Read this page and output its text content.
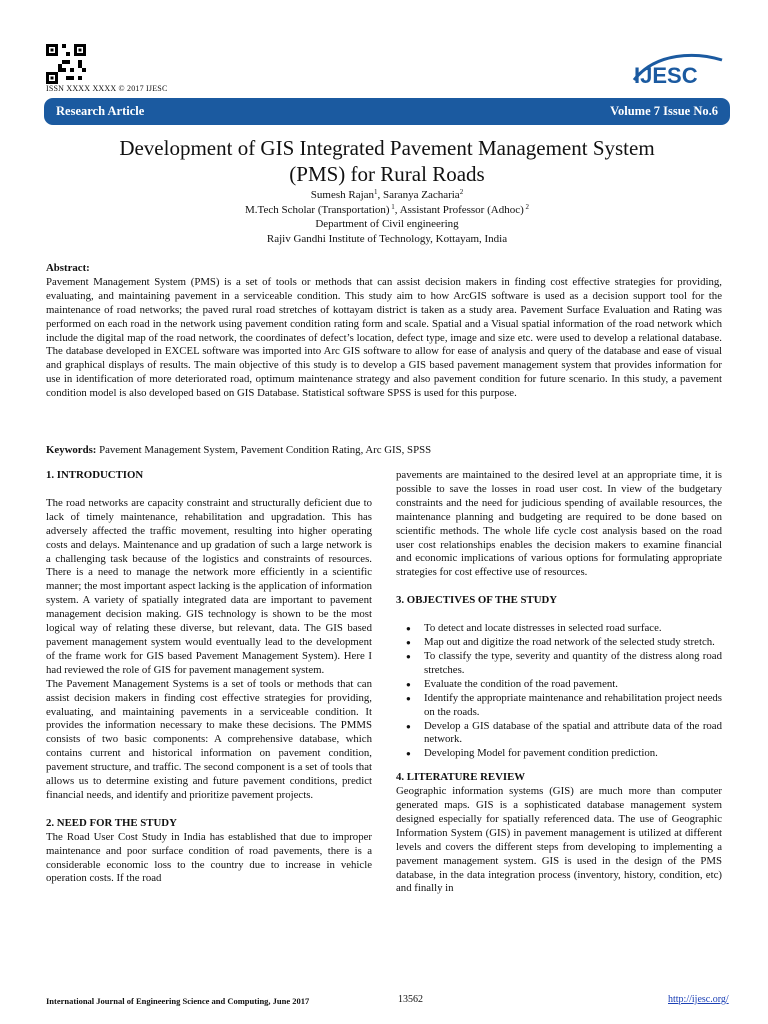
ISSN XXXX XXXX © 2017 IJESC
IJESC
Research Article	Volume 7 Issue No.6
Development of GIS Integrated Pavement Management System
(PMS) for Rural Roads
Sumesh Rajan$^1$, Saranya Zacharia$^2$
M.Tech Scholar (Transportation) $^1$, Assistant Professor (Adhoc) $^2$
Department of Civil engineering
Rajiv Gandhi Institute of Technology, Kottayam, India
Abstract:
Pavement Management System (PMS) is a set of tools or methods that can assist decision makers in finding cost effective strategies for providing, evaluating, and maintaining pavement in a serviceable condition. This study aim to how ArcGIS software is used as a decision support tool for the maintenance of road networks; the paved rural road stretches of kottayam district is taken as a study area. Pavement Surface Evaluation and Rating was performed on each road in the network using pavement condition rating form and scale. Spatial and a Visual spatial information of the road network which include the digital map of the road network, the coordinates of defect’s location, defect type, image and size etc. were used to develop a relational database. The database developed in EXCEL software was imported into Arc GIS software to allow for ease of analysis and query of the database and ease of visual and graphical displays of results. The main objective of this study is to develop a GIS based pavement management system that provides information for use in identification of more deteriorated road, optimum maintenance strategy and also pavement condition for future scenario. In this study, a pavement condition model is also developed based on GIS Database. Statistical software SPSS is used for this purpose.
Keywords: Pavement Management System, Pavement Condition Rating, Arc GIS, SPSS
1. INTRODUCTION

The road networks are capacity constraint and structurally deficient due to lack of timely maintenance, rehabilitation and upgradation. This has adversely affected the traffic movement, resulting into higher operating costs and delays. Maintenance and up gradation of such a large network is a challenging task because of the logistics and constraints of resources. There is a need to manage the network more efficiently in a scientific manner; the most important aspect lacking is the application of information system. A variety of spatially integrated data are important to pavement management decision making. GIS technology is shown to be the most logical way of relating these diverse, but relevant, data. The GIS based pavement management system would eventually lead to the development of the frame work for GIS based Pavement Management System). Here I had reviewed the role of GIS for pavement management system.

The Pavement Management Systems is a set of tools or methods that can assist decision makers in finding cost effective strategies for providing, evaluating, and maintaining pavements in a serviceable condition. It provides the information necessary to make these decisions. The PMMS consists of two basic components: A comprehensive database, which contains current and historical information on pavement condition, pavement structure, and traffic. The second component is a set of tools that allows us to determine existing and future pavement conditions, predict financial needs, and identify and prioritize pavement projects.

2. NEED FOR THE STUDY

The Road User Cost Study in India has established that due to improper maintenance and poor surface condition of road pavements, there is a considerable economic loss to the country due to increase in vehicle operation costs. If the road

pavements are maintained to the desired level at an appropriate time, it is possible to save the losses in road user cost. In view of the budgetary constraints and the need for judicious spending of available resources, the maintenance planning and budgeting are required to be done based on scientific methods. The whole life cycle cost analysis based on the road user cost relationships enables the decision makers to examine financial and economic implications of various options for formulating appropriate strategies for cost effective use of resources.

3. OBJECTIVES OF THE STUDY
● To detect and locate distresses in selected road surface.
● Map out and digitize the road network of the selected study stretch.
● To classify the type, severity and quantity of the distress along road stretches.
● Evaluate the condition of the road pavement.
● Identify the appropriate maintenance and rehabilitation project needs on the roads.
● Develop a GIS database of the spatial and attribute data of the road network.
● Developing Model for pavement condition prediction.
4. LITERATURE REVIEW

Geographic information systems (GIS) are much more than computer generated maps. GIS is a sophisticated database management system designed especially for spatially referenced data. The use of Geographic Information System (GIS) in pavement management is utilized at different levels and covers the different steps from developing to implementing a pavement management system. GIS is used in the design of the PMS database, in the data integration process (inventory, history, condition, etc) and finally in

International Journal of Engineering Science and Computing, June 2017	13562	http://ijesc.org/
